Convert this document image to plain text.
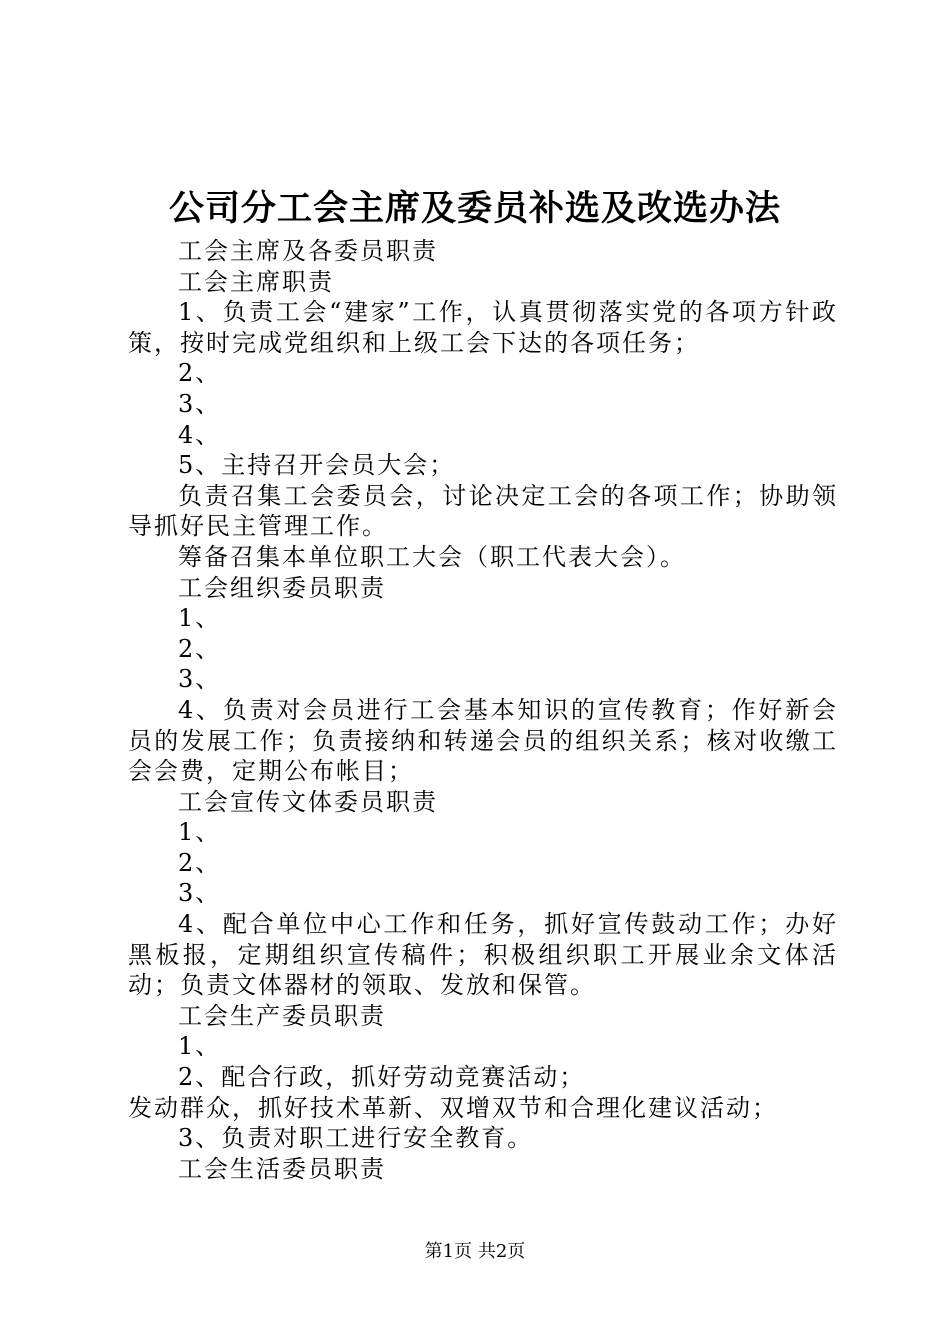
公司分工会主席及委员补选及改选办法

工会主席及各委员职责

工会主席职责

1、负责工会“建家”工作，认真贯彻落实党的各项方针政策，按时完成党组织和上级工会下达的各项任务；

2、

3、

4、

5、主持召开会员大会；

负责召集工会委员会，讨论决定工会的各项工作；协助领导抓好民主管理工作。

筹备召集本单位职工大会（职工代表大会）。

工会组织委员职责

1、

2、

3、

4、负责对会员进行工会基本知识的宣传教育；作好新会员的发展工作；负责接纳和转递会员的组织关系；核对收缴工会会费，定期公布帐目；

工会宣传文体委员职责

1、

2、

3、

4、配合单位中心工作和任务，抓好宣传鼓动工作；办好黑板报，定期组织宣传稿件；积极组织职工开展业余文体活动；负责文体器材的领取、发放和保管。

工会生产委员职责

1、

2、配合行政，抓好劳动竞赛活动；

发动群众，抓好技术革新、双增双节和合理化建议活动；

3、负责对职工进行安全教育。

工会生活委员职责

第1页 共2页
